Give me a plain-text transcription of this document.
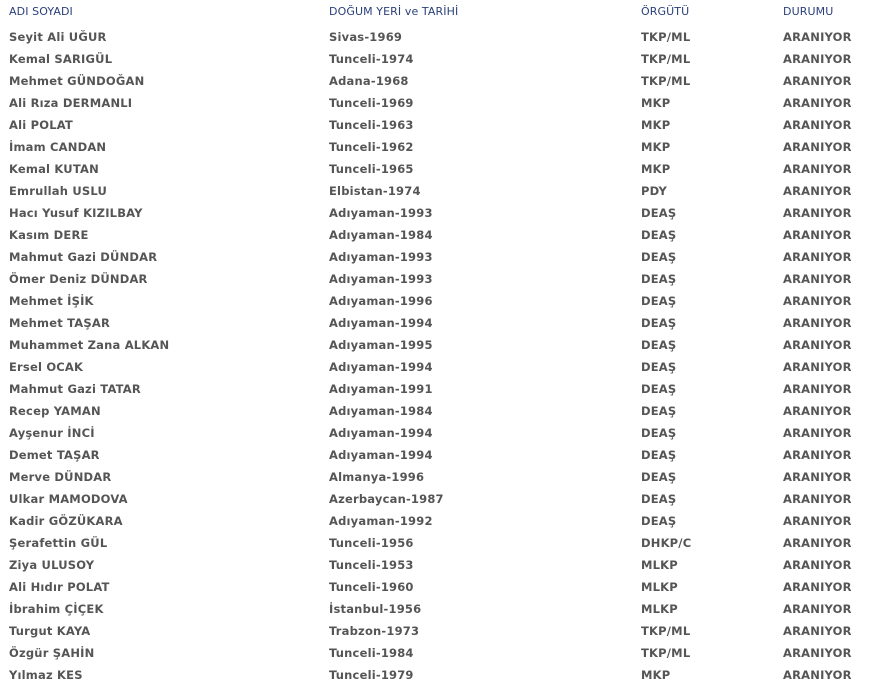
ADI SOYADI	DOĞUM YERİ ve TARİHİ	ÖRGÜTÜ	DURUMU
Seyit Ali UĞUR	Sivas-1969	TKP/ML	ARANIYOR
Kemal SARIGÜL	Tunceli-1974	TKP/ML	ARANIYOR
Mehmet GÜNDOĞAN	Adana-1968	TKP/ML	ARANIYOR
Ali Rıza DERMANLI	Tunceli-1969	MKP	ARANIYOR
Ali POLAT	Tunceli-1963	MKP	ARANIYOR
İmam CANDAN	Tunceli-1962	MKP	ARANIYOR
Kemal KUTAN	Tunceli-1965	MKP	ARANIYOR
Emrullah USLU	Elbistan-1974	PDY	ARANIYOR
Hacı Yusuf KIZILBAY	Adıyaman-1993	DEAŞ	ARANIYOR
Kasım DERE	Adıyaman-1984	DEAŞ	ARANIYOR
Mahmut Gazi DÜNDAR	Adıyaman-1993	DEAŞ	ARANIYOR
Ömer Deniz DÜNDAR	Adıyaman-1993	DEAŞ	ARANIYOR
Mehmet İŞİK	Adıyaman-1996	DEAŞ	ARANIYOR
Mehmet TAŞAR	Adıyaman-1994	DEAŞ	ARANIYOR
Muhammet Zana ALKAN	Adıyaman-1995	DEAŞ	ARANIYOR
Ersel OCAK	Adıyaman-1994	DEAŞ	ARANIYOR
Mahmut Gazi TATAR	Adıyaman-1991	DEAŞ	ARANIYOR
Recep YAMAN	Adıyaman-1984	DEAŞ	ARANIYOR
Ayşenur İNCİ	Adıyaman-1994	DEAŞ	ARANIYOR
Demet TAŞAR	Adıyaman-1994	DEAŞ	ARANIYOR
Merve DÜNDAR	Almanya-1996	DEAŞ	ARANIYOR
Ulkar MAMODOVA	Azerbaycan-1987	DEAŞ	ARANIYOR
Kadir GÖZÜKARA	Adıyaman-1992	DEAŞ	ARANIYOR
Şerafettin GÜL	Tunceli-1956	DHKP/C	ARANIYOR
Ziya ULUSOY	Tunceli-1953	MLKP	ARANIYOR
Ali Hıdır POLAT	Tunceli-1960	MLKP	ARANIYOR
İbrahim ÇİÇEK	İstanbul-1956	MLKP	ARANIYOR
Turgut KAYA	Trabzon-1973	TKP/ML	ARANIYOR
Özgür ŞAHİN	Tunceli-1984	TKP/ML	ARANIYOR
Yılmaz KES	Tunceli-1979	MKP	ARANIYOR
